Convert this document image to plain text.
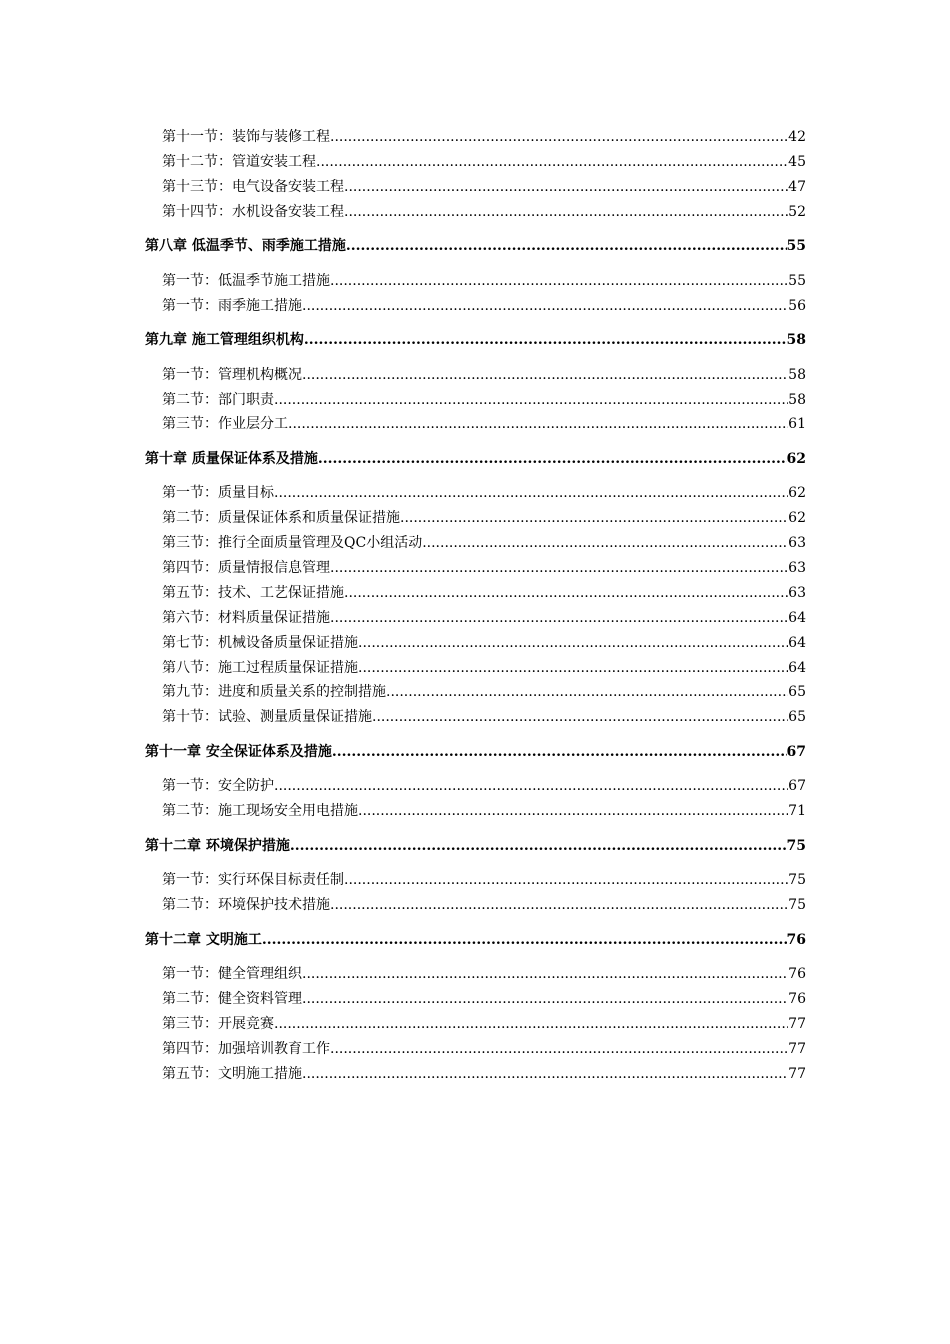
第十一节：装饰与装修工程 .....	42
第十二节：管道安装工程 .....	45
第十三节：电气设备安装工程 .....	47
第十四节：水机设备安装工程 .....	52
第八章 低温季节、雨季施工措施 .....	55
第一节：低温季节施工措施 .....	55
第一节：雨季施工措施 .....	56
第九章 施工管理组织机构 .....	58
第一节：管理机构概况 .....	58
第二节：部门职责 .....	58
第三节：作业层分工 .....	61
第十章 质量保证体系及措施 .....	62
第一节：质量目标 .....	62
第二节：质量保证体系和质量保证措施 .....	62
第三节：推行全面质量管理及QC小组活动 .....	63
第四节：质量情报信息管理 .....	63
第五节：技术、工艺保证措施 .....	63
第六节：材料质量保证措施 .....	64
第七节：机械设备质量保证措施 .....	64
第八节：施工过程质量保证措施 .....	64
第九节：进度和质量关系的控制措施 .....	65
第十节：试验、测量质量保证措施 .....	65
第十一章 安全保证体系及措施 .....	67
第一节：安全防护 .....	67
第二节：施工现场安全用电措施 .....	71
第十二章 环境保护措施 .....	75
第一节：实行环保目标责任制 .....	75
第二节：环境保护技术措施 .....	75
第十二章 文明施工 .....	76
第一节：健全管理组织 .....	76
第二节：健全资料管理 .....	76
第三节：开展竞赛 .....	77
第四节：加强培训教育工作 .....	77
第五节：文明施工措施 .....	77
